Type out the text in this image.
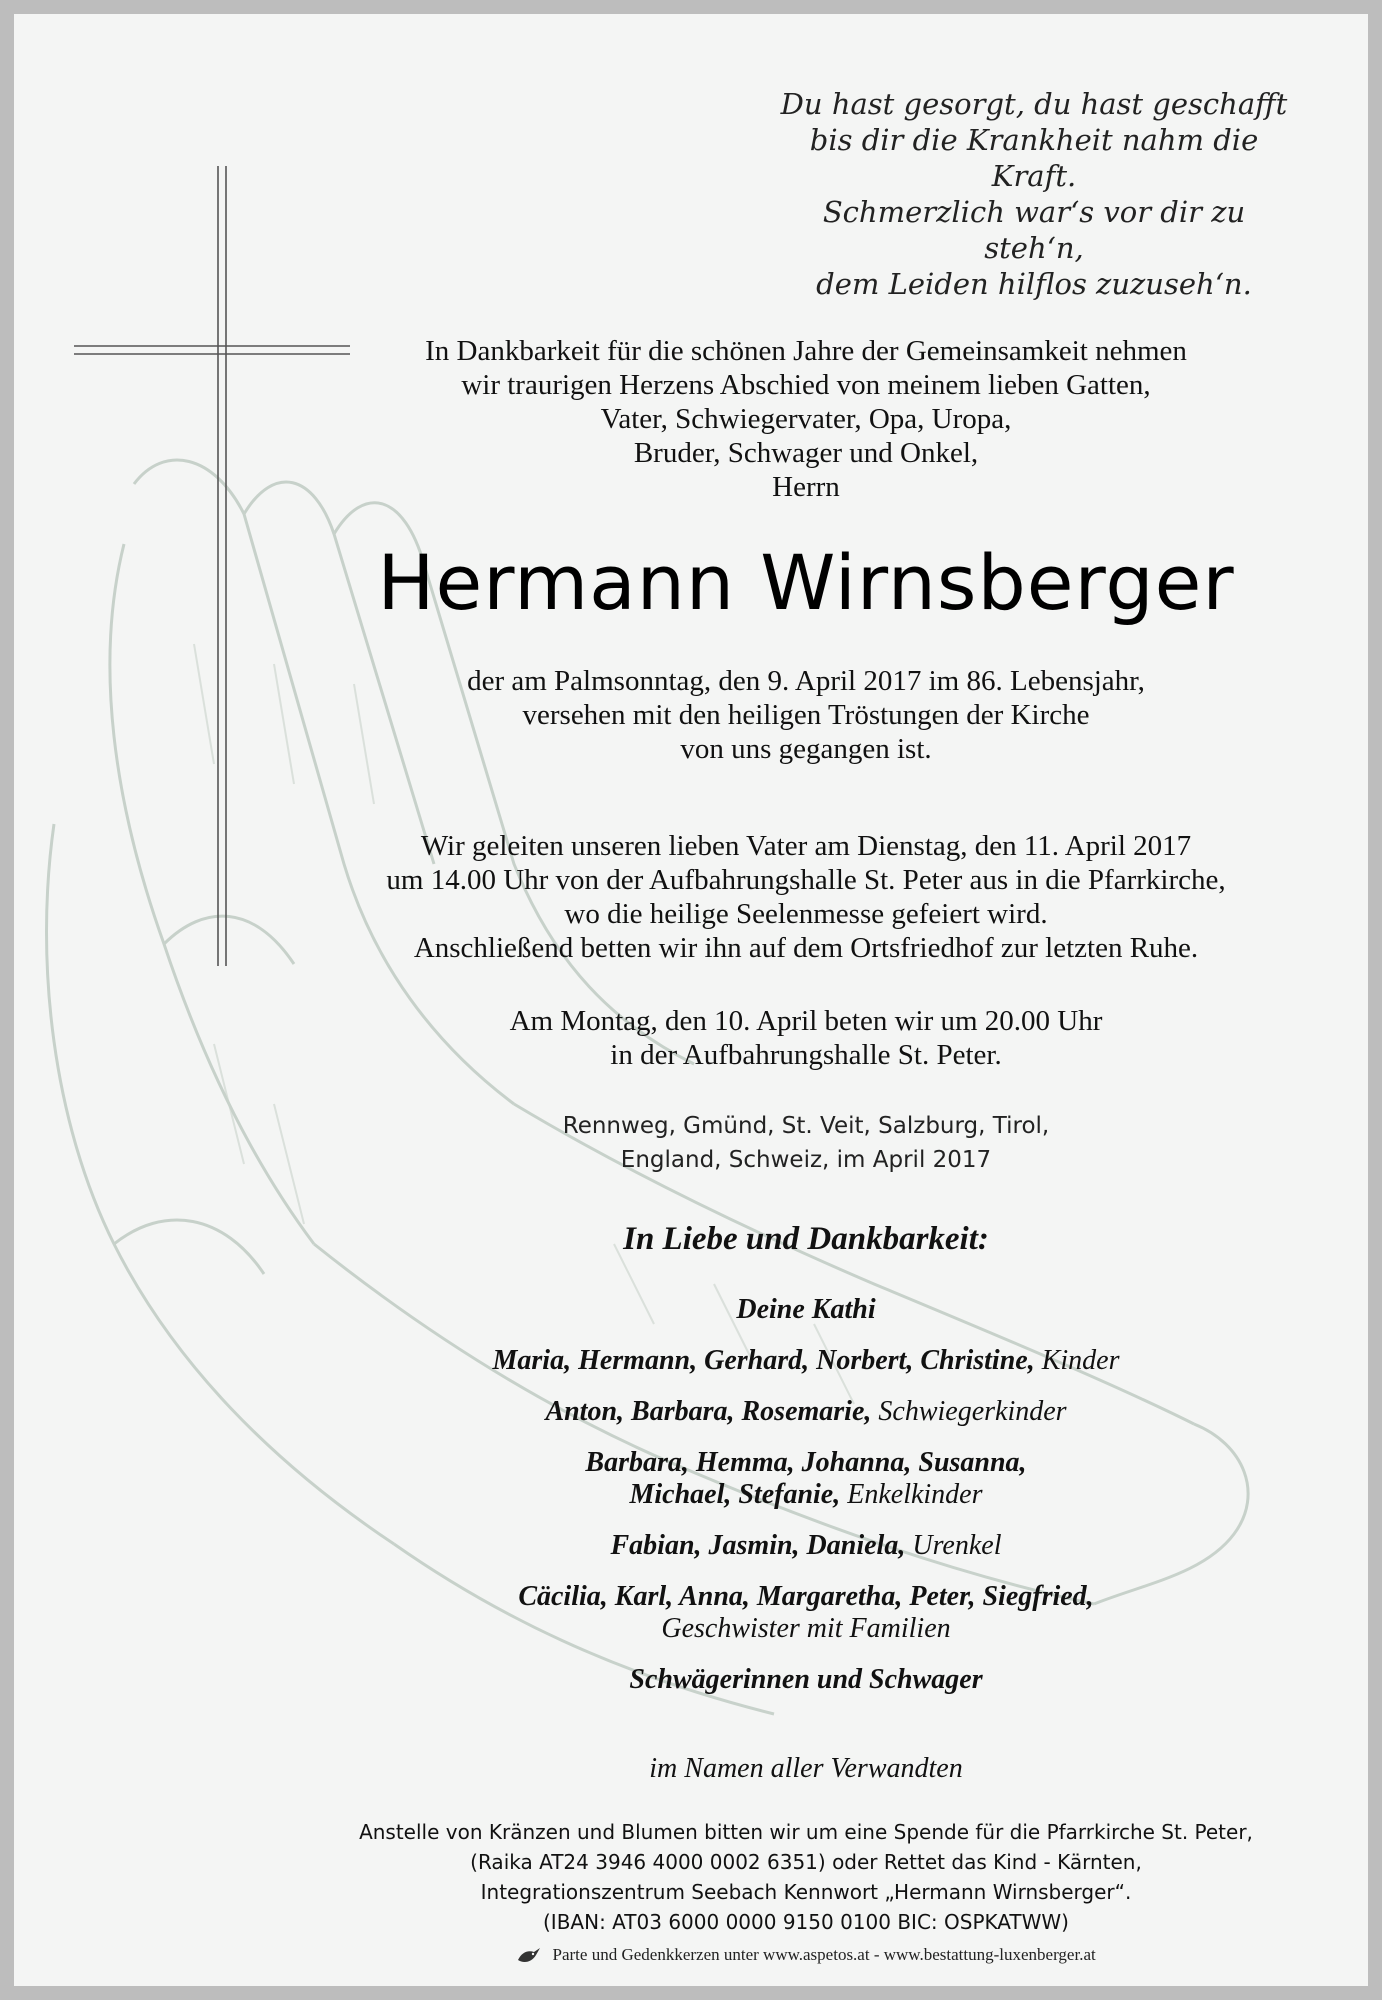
Du hast gesorgt, du hast geschafft
bis dir die Krankheit nahm die Kraft.
Schmerzlich war‘s vor dir zu steh‘n,
dem Leiden hilflos zuzuseh‘n.
In Dankbarkeit für die schönen Jahre der Gemeinsamkeit nehmen
wir traurigen Herzens Abschied von meinem lieben Gatten,
Vater, Schwiegervater, Opa, Uropa,
Bruder, Schwager und Onkel,
Herrn
Hermann Wirnsberger
der am Palmsonntag, den 9. April 2017 im 86. Lebensjahr,
versehen mit den heiligen Tröstungen der Kirche
von uns gegangen ist.
Wir geleiten unseren lieben Vater am Dienstag, den 11. April 2017
um 14.00 Uhr von der Aufbahrungshalle St. Peter aus in die Pfarrkirche,
wo die heilige Seelenmesse gefeiert wird.
Anschließend betten wir ihn auf dem Ortsfriedhof zur letzten Ruhe.
Am Montag, den 10. April beten wir um 20.00 Uhr
in der Aufbahrungshalle St. Peter.
Rennweg, Gmünd, St. Veit, Salzburg, Tirol,
England, Schweiz, im April 2017
In Liebe und Dankbarkeit:
Deine Kathi
Maria, Hermann, Gerhard, Norbert, Christine, Kinder
Anton, Barbara, Rosemarie, Schwiegerkinder
Barbara, Hemma, Johanna, Susanna,
Michael, Stefanie, Enkelkinder
Fabian, Jasmin, Daniela, Urenkel
Cäcilia, Karl, Anna, Margaretha, Peter, Siegfried,
Geschwister mit Familien
Schwägerinnen und Schwager
im Namen aller Verwandten
Anstelle von Kränzen und Blumen bitten wir um eine Spende für die Pfarrkirche St. Peter,
(Raika AT24 3946 4000 0002 6351) oder Rettet das Kind - Kärnten,
Integrationszentrum Seebach Kennwort „Hermann Wirnsberger“.
(IBAN: AT03 6000 0000 9150 0100 BIC: OSPKATWW)
Parte und Gedenkkerzen unter www.aspetos.at - www.bestattung-luxenberger.at
